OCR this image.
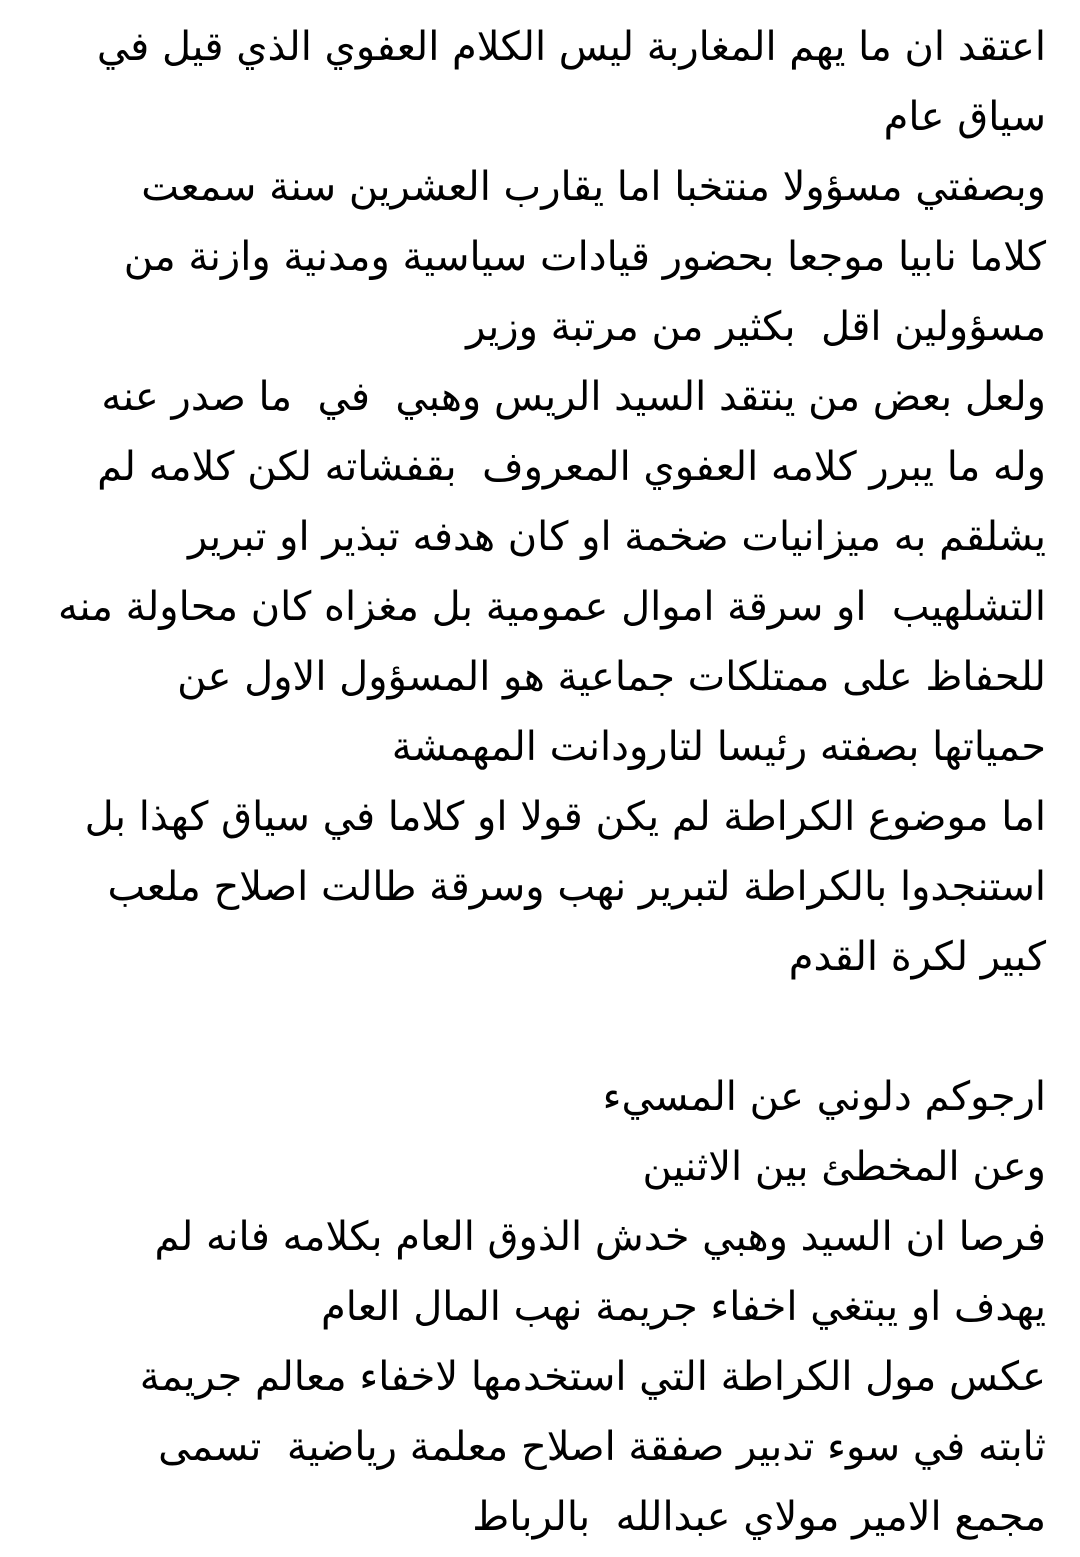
اعتقد ان ما يهم المغاربة ليس الكلام العفوي الذي قيل في
سياق عام
وبصفتي مسؤولا منتخبا اما يقارب العشرين سنة سمعت
كلاما نابيا موجعا بحضور قيادات سياسية ومدنية وازنة من
مسؤولين اقل  بكثير من مرتبة وزير
ولعل بعض من ينتقد السيد الريس وهبي  في  ما صدر عنه
وله ما يبرر كلامه العفوي المعروف  بقفشاته لكن كلامه لم
يشلقم به ميزانيات ضخمة او كان هدفه تبذير او تبرير
التشلهيب  او سرقة اموال عمومية بل مغزاه كان محاولة منه
للحفاظ على ممتلكات جماعية هو المسؤول الاول عن
حمياتها بصفته رئيسا لتارودانت المهمشة
اما موضوع الكراطة لم يكن قولا او كلاما في سياق كهذا بل
استنجدوا بالكراطة لتبرير نهب وسرقة طالت اصلاح ملعب
كبير لكرة القدم
ارجوكم دلوني عن المسيء
وعن المخطئ بين الاثنين
فرصا ان السيد وهبي خدش الذوق العام بكلامه فانه لم
يهدف او يبتغي اخفاء جريمة نهب المال العام
عكس مول الكراطة التي استخدمها لاخفاء معالم جريمة
ثابته في سوء تدبير صفقة اصلاح معلمة رياضية  تسمى
مجمع الامير مولاي عبدالله  بالرباط
